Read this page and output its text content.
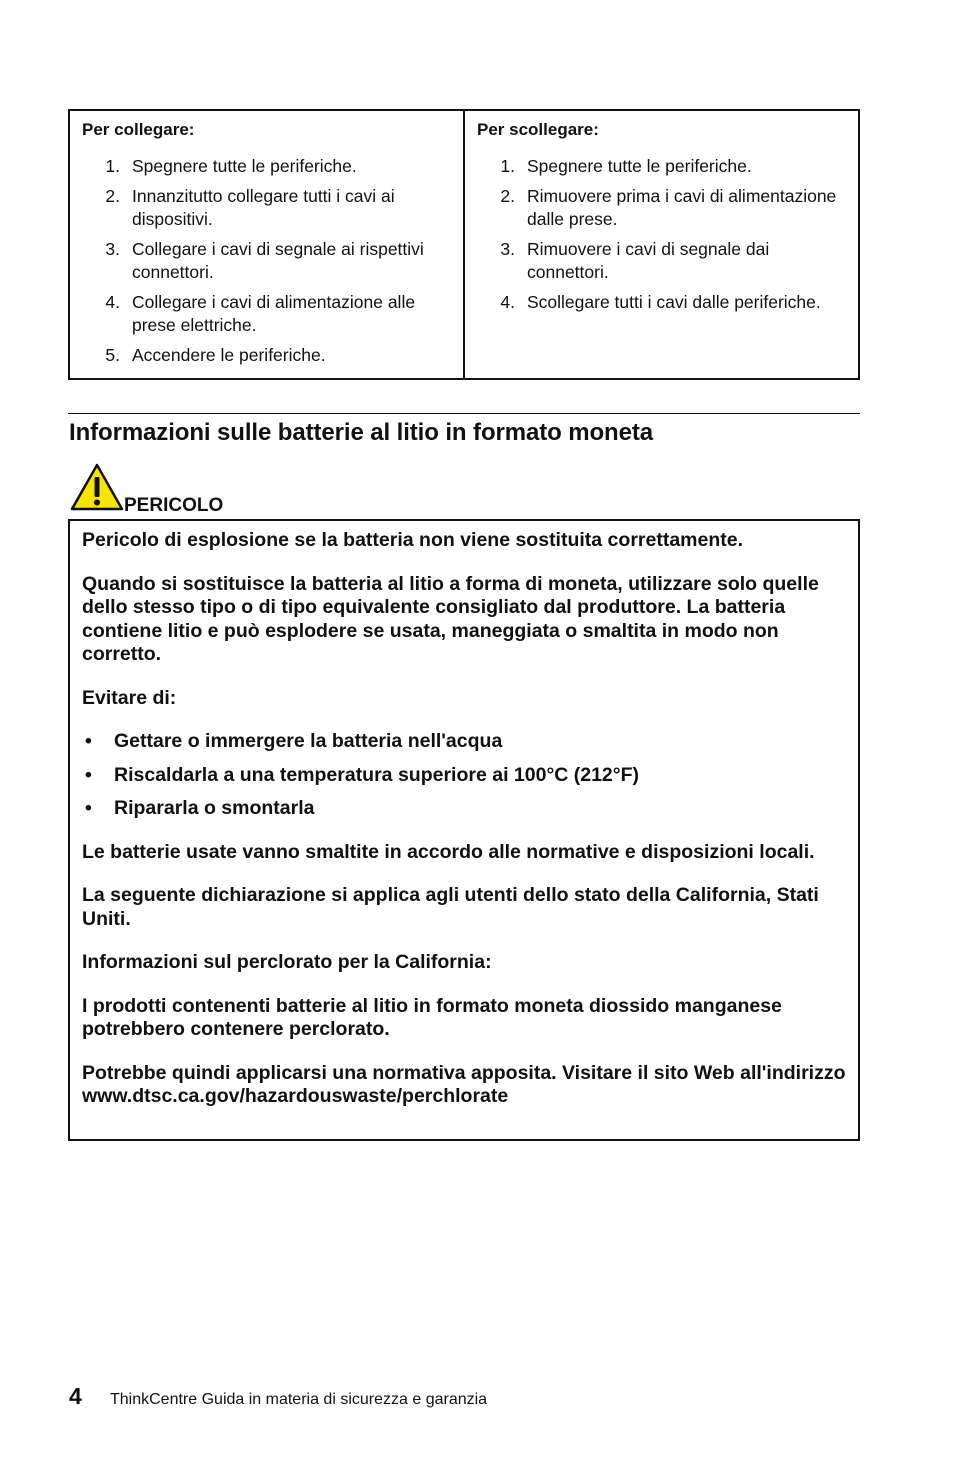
Per collegare:
1. Spegnere tutte le periferiche.
2. Innanzitutto collegare tutti i cavi ai dispositivi.
3. Collegare i cavi di segnale ai rispettivi connettori.
4. Collegare i cavi di alimentazione alle prese elettriche.
5. Accendere le periferiche.
Per scollegare:
1. Spegnere tutte le periferiche.
2. Rimuovere prima i cavi di alimentazione dalle prese.
3. Rimuovere i cavi di segnale dai connettori.
4. Scollegare tutti i cavi dalle periferiche.
Informazioni sulle batterie al litio in formato moneta
PERICOLO

Pericolo di esplosione se la batteria non viene sostituita correttamente.

Quando si sostituisce la batteria al litio a forma di moneta, utilizzare solo quelle dello stesso tipo o di tipo equivalente consigliato dal produttore. La batteria contiene litio e può esplodere se usata, maneggiata o smaltita in modo non corretto.

Evitare di:

•	Gettare o immergere la batteria nell'acqua
•	Riscaldarla a una temperatura superiore ai 100°C (212°F)
•	Ripararla o smontarla

Le batterie usate vanno smaltite in accordo alle normative e disposizioni locali.

La seguente dichiarazione si applica agli utenti dello stato della California, Stati Uniti.

Informazioni sul perclorato per la California:

I prodotti contenenti batterie al litio in formato moneta diossido manganese potrebbero contenere perclorato.

Potrebbe quindi applicarsi una normativa apposita. Visitare il sito Web all'indirizzo www.dtsc.ca.gov/hazardouswaste/perchlorate

4	ThinkCentre Guida in materia di sicurezza e garanzia
